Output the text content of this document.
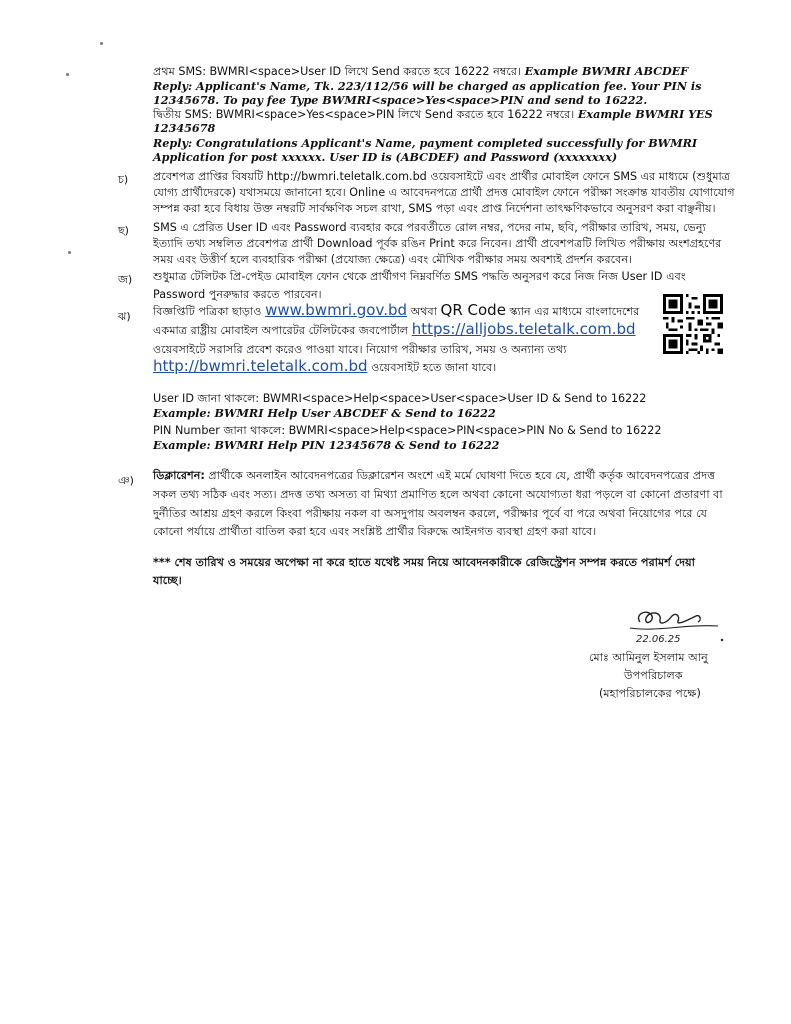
প্রথম SMS: BWMRI<space>User ID লিখে Send করতে হবে 16222 নম্বরে। Example BWMRI ABCDEF
Reply: Applicant's Name, Tk. 223/112/56 will be charged as application fee. Your PIN is
12345678. To pay fee Type BWMRI<space>Yes<space>PIN and send to 16222.
দ্বিতীয় SMS: BWMRI<space>Yes<space>PIN লিখে Send করতে হবে 16222 নম্বরে। Example BWMRI YES
12345678
Reply: Congratulations Applicant's Name, payment completed successfully for BWMRI
Application for post xxxxxx. User ID is (ABCDEF) and Password (xxxxxxxx)
চ) প্রবেশপত্র প্রাপ্তির বিষয়টি http://bwmri.teletalk.com.bd ওয়েবসাইটে এবং প্রার্থীর মোবাইল ফোনে SMS এর মাধ্যমে (শুধুমাত্র
যোগ্য প্রার্থীদেরকে) যথাসময়ে জানানো হবে। Online এ আবেদনপত্রে প্রার্থী প্রদত্ত মোবাইল ফোনে পরীক্ষা সংক্রান্ত যাবতীয় যোগাযোগ
সম্পন্ন করা হবে বিধায় উক্ত নম্বরটি সার্বক্ষণিক সচল রাখা, SMS পড়া এবং প্রাপ্ত নির্দেশনা তাৎক্ষণিকভাবে অনুসরণ করা বাঞ্ছনীয়।
ছ) SMS এ প্রেরিত User ID এবং Password ব্যবহার করে পরবর্তীতে রোল নম্বর, পদের নাম, ছবি, পরীক্ষার তারিখ, সময়, ভেন্যু
ইত্যাদি তথ্য সম্বলিত প্রবেশপত্র প্রার্থী Download পূর্বক রঙিন Print করে নিবেন। প্রার্থী প্রবেশপত্রটি লিখিত পরীক্ষায় অংশগ্রহণের
সময় এবং উত্তীর্ণ হলে ব্যবহারিক পরীক্ষা (প্রযোজ্য ক্ষেত্রে) এবং মৌখিক পরীক্ষার সময় অবশ্যই প্রদর্শন করবেন।
জ) শুধুমাত্র টেলিটক প্রি-পেইড মোবাইল ফোন থেকে প্রার্থীগণ নিম্নবর্ণিত SMS পদ্ধতি অনুসরণ করে নিজ নিজ User ID এবং
Password পুনরুদ্ধার করতে পারবেন।
ঝ) বিজ্ঞপ্তিটি পত্রিকা ছাড়াও www.bwmri.gov.bd অথবা QR Code স্ক্যান এর মাধ্যমে বাংলাদেশের
একমাত্র রাষ্ট্রীয় মোবাইল অপারেটর টেলিটকের জবপোর্টাল https://alljobs.teletalk.com.bd
ওয়েবসাইটে সরাসরি প্রবেশ করেও পাওয়া যাবে। নিয়োগ পরীক্ষার তারিখ, সময় ও অন্যান্য তথ্য
http://bwmri.teletalk.com.bd ওয়েবসাইট হতে জানা যাবে।
User ID জানা থাকলে: BWMRI<space>Help<space>User<space>User ID & Send to 16222
Example: BWMRI Help User ABCDEF & Send to 16222
PIN Number জানা থাকলে: BWMRI<space>Help<space>PIN<space>PIN No & Send to 16222
Example: BWMRI Help PIN 12345678 & Send to 16222
ঞ) ডিক্লারেশন: প্রার্থীকে অনলাইন আবেদনপত্রের ডিক্লারেশন অংশে এই মর্মে ঘোষণা দিতে হবে যে, প্রার্থী কর্তৃক আবেদনপত্রের প্রদত্ত
সকল তথ্য সঠিক এবং সত্য। প্রদত্ত তথ্য অসত্য বা মিথ্যা প্রমাণিত হলে অথবা কোনো অযোগ্যতা ধরা পড়লে বা কোনো প্রতারণা বা
দুর্নীতির আশ্রয় গ্রহণ করলে কিংবা পরীক্ষায় নকল বা অসদুপায় অবলম্বন করলে, পরীক্ষার পূর্বে বা পরে অথবা নিয়োগের পরে যে
কোনো পর্যায়ে প্রার্থীতা বাতিল করা হবে এবং সংশ্লিষ্ট প্রার্থীর বিরুদ্ধে আইনগত ব্যবস্থা গ্রহণ করা যাবে।
*** শেষ তারিখ ও সময়ের অপেক্ষা না করে হাতে যথেষ্ট সময় নিয়ে আবেদনকারীকে রেজিস্ট্রেশন সম্পন্ন করতে পরামর্শ দেয়া
যাচ্ছে।
22.06.25
মোঃ আমিনুল ইসলাম আনু
উপপরিচালক
(মহাপরিচালকের পক্ষে)
